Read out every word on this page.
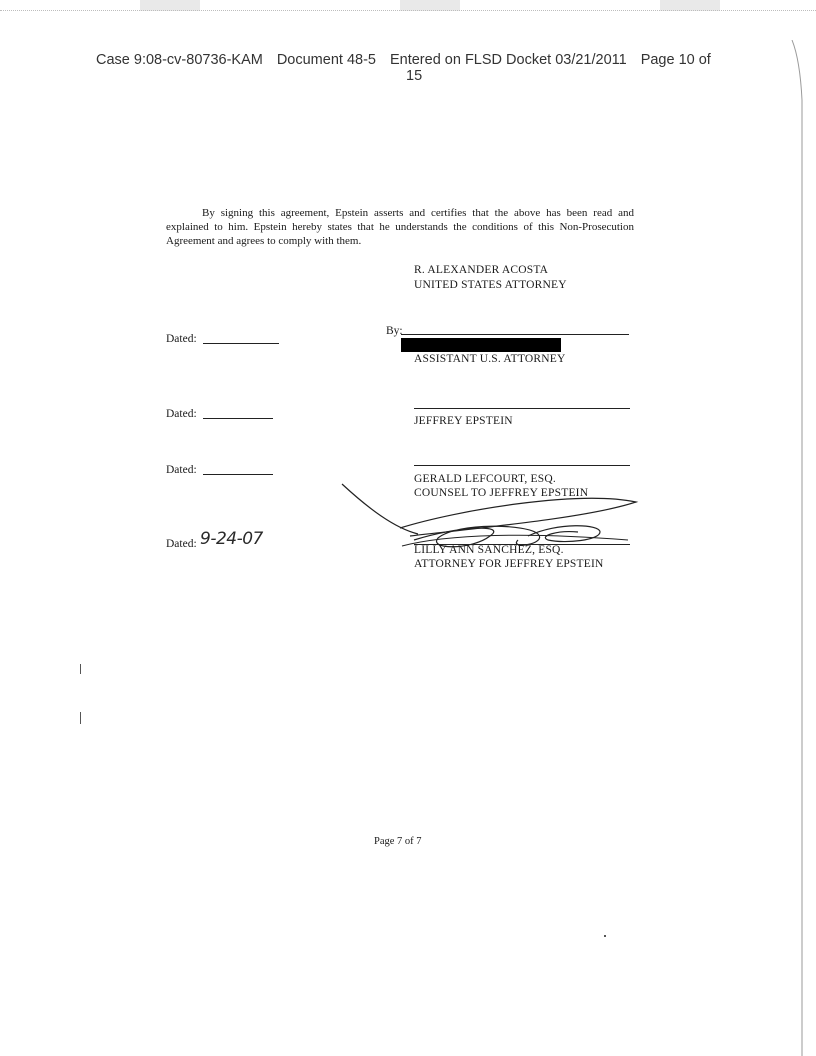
Case 9:08-cv-80736-KAM Document 48-5 Entered on FLSD Docket 03/21/2011 Page 10 of
15
By signing this agreement, Epstein asserts and certifies that the above has been read and explained to him. Epstein hereby states that he understands the conditions of this Non-Prosecution Agreement and agrees to comply with them.
R. ALEXANDER ACOSTA
UNITED STATES ATTORNEY
Dated:
By:
ASSISTANT U.S. ATTORNEY
Dated:
JEFFREY EPSTEIN
Dated:
GERALD LEFCOURT, ESQ.
COUNSEL TO JEFFREY EPSTEIN
9-24-07
Dated:	LILLY ANN SANCHEZ, ESQ.
ATTORNEY FOR JEFFREY EPSTEIN
Page 7 of 7
